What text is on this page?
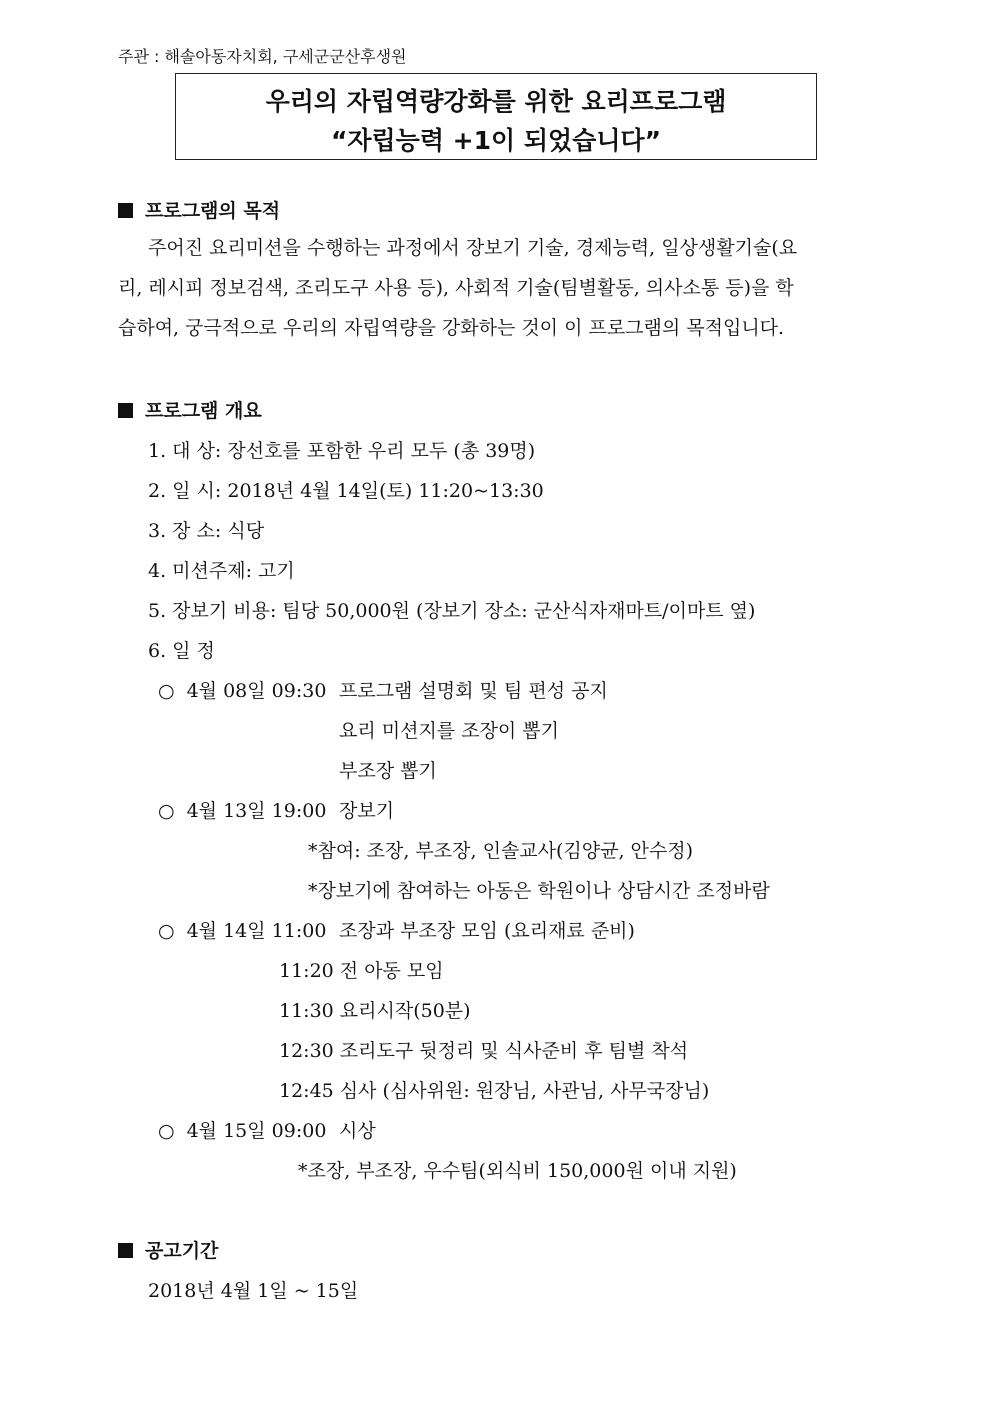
주관 : 해솔아동자치회, 구세군군산후생원
우리의 자립역량강화를 위한 요리프로그램
“자립능력 +1이 되었습니다”
프로그램의 목적

주어진 요리미션을 수행하는 과정에서 장보기 기술, 경제능력, 일상생활기술(요

리, 레시피 정보검색, 조리도구 사용 등), 사회적 기술(팀별활동, 의사소통 등)을 학

습하여, 궁극적으로 우리의 자립역량을 강화하는 것이 이 프로그램의 목적입니다.

프로그램 개요
1. 대 상: 장선호를 포함한 우리 모두 (총 39명)
2. 일 시: 2018년 4월 14일(토) 11:20~13:30
3. 장 소: 식당
4. 미션주제: 고기
5. 장보기 비용: 팀당 50,000원 (장보기 장소: 군산식자재마트/이마트 옆)
6. 일 정
○ 4월 08일 09:30 프로그램 설명회 및 팀 편성 공지
요리 미션지를 조장이 뽑기
부조장 뽑기
○ 4월 13일 19:00 장보기
*참여: 조장, 부조장, 인솔교사(김양균, 안수정)
*장보기에 참여하는 아동은 학원이나 상담시간 조정바람
○ 4월 14일 11:00 조장과 부조장 모임 (요리재료 준비)
11:20 전 아동 모임
11:30 요리시작(50분)
12:30 조리도구 뒷정리 및 식사준비 후 팀별 착석
12:45 심사 (심사위원: 원장님, 사관님, 사무국장님)
○ 4월 15일 09:00 시상
*조장, 부조장, 우수팀(외식비 150,000원 이내 지원)
공고기간
2018년 4월 1일 ~ 15일
